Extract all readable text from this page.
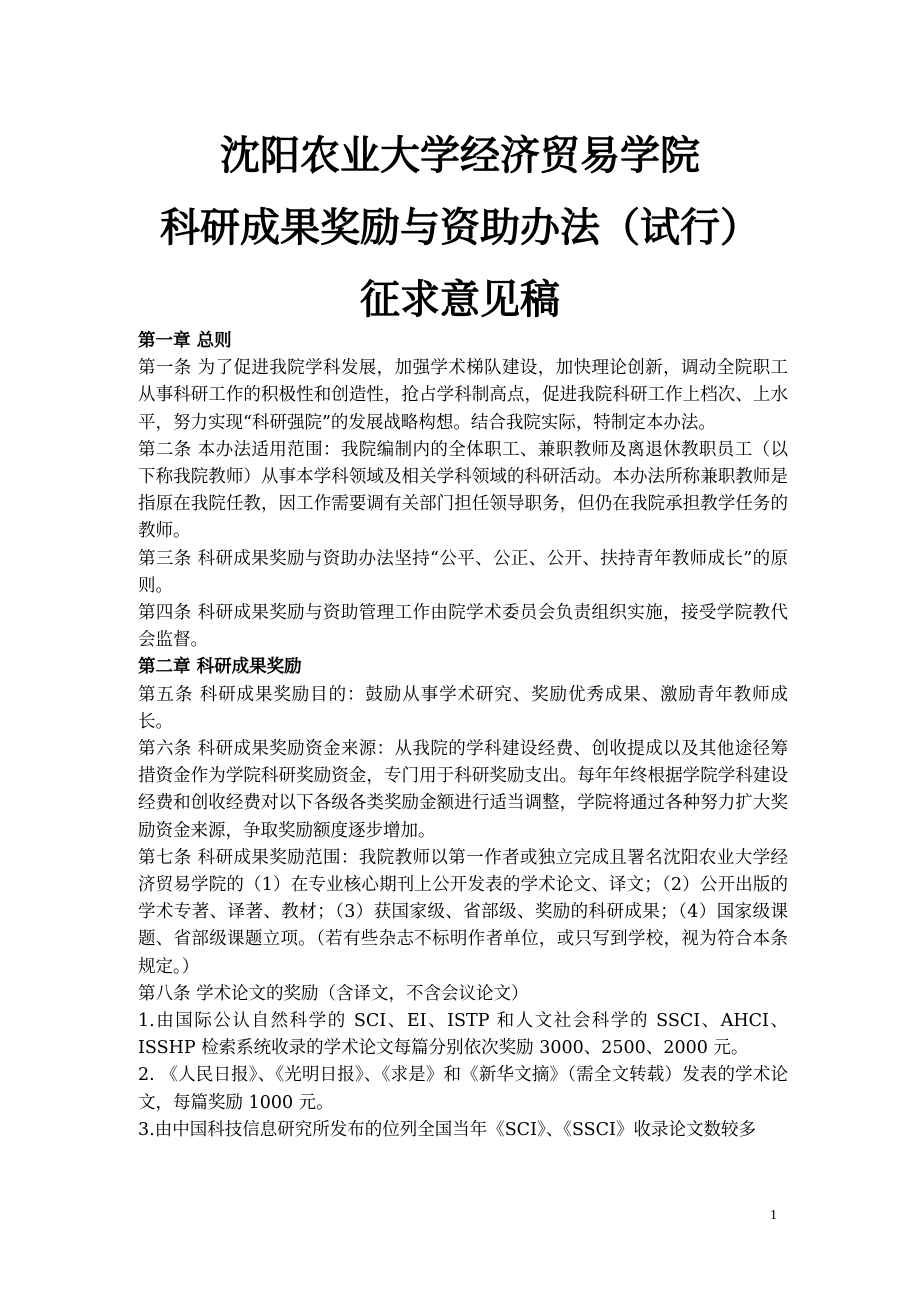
沈阳农业大学经济贸易学院
科研成果奖励与资助办法（试行）
征求意见稿
第一章 总则
第一条 为了促进我院学科发展，加强学术梯队建设，加快理论创新，调动全院职工从事科研工作的积极性和创造性，抢占学科制高点，促进我院科研工作上档次、上水平，努力实现“科研强院”的发展战略构想。结合我院实际，特制定本办法。
第二条 本办法适用范围：我院编制内的全体职工、兼职教师及离退休教职员工（以下称我院教师）从事本学科领域及相关学科领域的科研活动。本办法所称兼职教师是指原在我院任教，因工作需要调有关部门担任领导职务，但仍在我院承担教学任务的教师。
第三条 科研成果奖励与资助办法坚持“公平、公正、公开、扶持青年教师成长”的原则。
第四条 科研成果奖励与资助管理工作由院学术委员会负责组织实施，接受学院教代会监督。
第二章 科研成果奖励
第五条 科研成果奖励目的：鼓励从事学术研究、奖励优秀成果、激励青年教师成长。
第六条 科研成果奖励资金来源：从我院的学科建设经费、创收提成以及其他途径筹措资金作为学院科研奖励资金，专门用于科研奖励支出。每年年终根据学院学科建设经费和创收经费对以下各级各类奖励金额进行适当调整，学院将通过各种努力扩大奖励资金来源，争取奖励额度逐步增加。
第七条 科研成果奖励范围：我院教师以第一作者或独立完成且署名沈阳农业大学经济贸易学院的（1）在专业核心期刊上公开发表的学术论文、译文；（2）公开出版的学术专著、译著、教材；（3）获国家级、省部级、奖励的科研成果；（4）国家级课题、省部级课题立项。（若有些杂志不标明作者单位，或只写到学校，视为符合本条规定。）
第八条 学术论文的奖励（含译文，不含会议论文）
1.由国际公认自然科学的 SCI、EI、ISTP 和人文社会科学的 SSCI、AHCI、ISSHP 检索系统收录的学术论文每篇分别依次奖励 3000、2500、2000 元。
2. 《人民日报》、《光明日报》、《求是》和《新华文摘》（需全文转载）发表的学术论文，每篇奖励 1000 元。
3.由中国科技信息研究所发布的位列全国当年《SCI》、《SSCI》收录论文数较多
1
